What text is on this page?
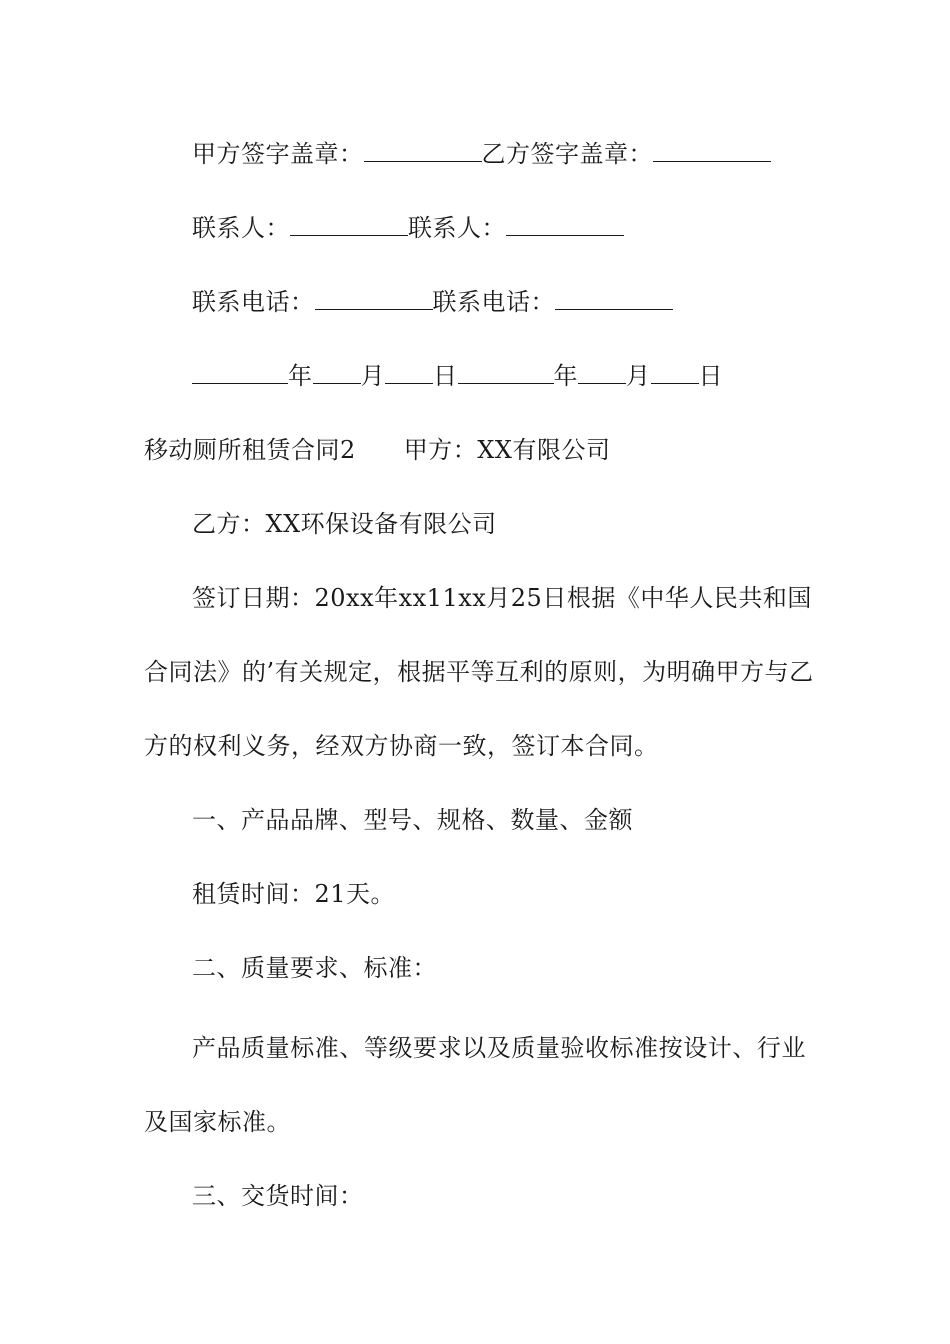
甲方签字盖章：	乙方签字盖章：
联系人：	联系人：
联系电话：	联系电话：
年 月 日	年 月 日
移动厕所租赁合同2 甲方：XX有限公司
乙方：XX环保设备有限公司
签订日期：20xx年xx11xx月25日根据《中华人民共和国
合同法》的’有关规定，根据平等互利的原则，为明确甲方与乙
方的权利义务，经双方协商一致，签订本合同。
一、产品品牌、型号、规格、数量、金额
租赁时间：21天。
二、质量要求、标准：
产品质量标准、等级要求以及质量验收标准按设计、行业
及国家标准。
三、交货时间：
